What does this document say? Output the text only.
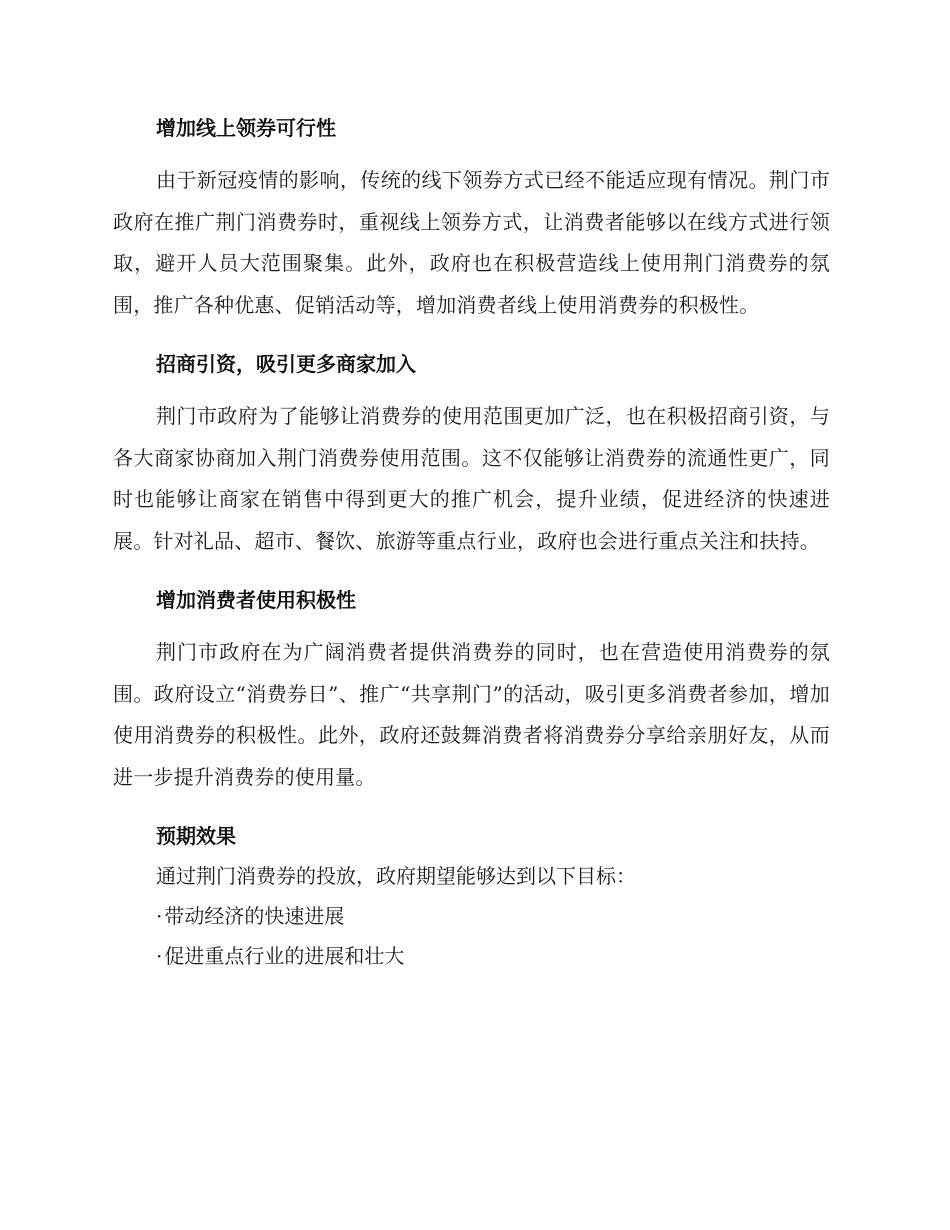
增加线上领券可行性

由于新冠疫情的影响，传统的线下领券方式已经不能适应现有情况。荆门市政府在推广荆门消费券时，重视线上领券方式，让消费者能够以在线方式进行领取，避开人员大范围聚集。此外，政府也在积极营造线上使用荆门消费券的氛围，推广各种优惠、促销活动等，增加消费者线上使用消费券的积极性。

招商引资，吸引更多商家加入

荆门市政府为了能够让消费券的使用范围更加广泛，也在积极招商引资，与各大商家协商加入荆门消费券使用范围。这不仅能够让消费券的流通性更广，同时也能够让商家在销售中得到更大的推广机会，提升业绩，促进经济的快速进展。针对礼品、超市、餐饮、旅游等重点行业，政府也会进行重点关注和扶持。

增加消费者使用积极性

荆门市政府在为广阔消费者提供消费券的同时，也在营造使用消费券的氛围。政府设立“消费券日”、推广“共享荆门”的活动，吸引更多消费者参加，增加使用消费券的积极性。此外，政府还鼓舞消费者将消费券分享给亲朋好友，从而进一步提升消费券的使用量。

预期效果

通过荆门消费券的投放，政府期望能够达到以下目标：

· 带动经济的快速进展

· 促进重点行业的进展和壮大
